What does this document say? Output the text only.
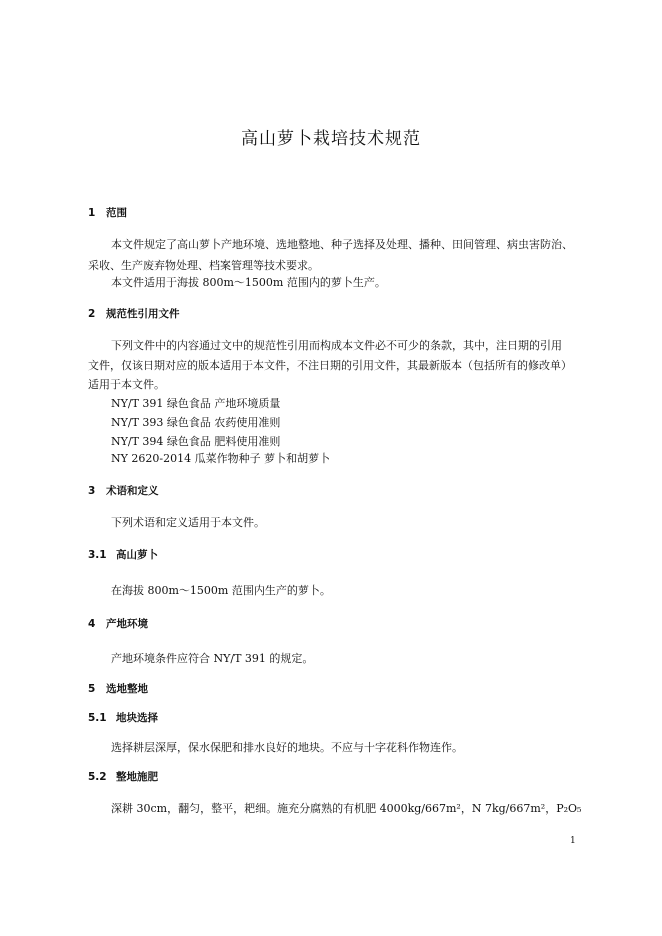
高山萝卜栽培技术规范
1 范围
本文件规定了高山萝卜产地环境、选地整地、种子选择及处理、播种、田间管理、病虫害防治、
采收、生产废弃物处理、档案管理等技术要求。
本文件适用于海拔 800m～1500m 范围内的萝卜生产。
2 规范性引用文件
下列文件中的内容通过文中的规范性引用而构成本文件必不可少的条款，其中，注日期的引用
文件，仅该日期对应的版本适用于本文件，不注日期的引用文件，其最新版本（包括所有的修改单）
适用于本文件。
NY/T 391 绿色食品 产地环境质量
NY/T 393 绿色食品 农药使用准则
NY/T 394 绿色食品 肥料使用准则
NY 2620-2014 瓜菜作物种子 萝卜和胡萝卜
3 术语和定义
下列术语和定义适用于本文件。
3.1 高山萝卜
在海拔 800m～1500m 范围内生产的萝卜。
4 产地环境
产地环境条件应符合 NY/T 391 的规定。
5 选地整地
5.1 地块选择
选择耕层深厚，保水保肥和排水良好的地块。不应与十字花科作物连作。
5.2 整地施肥
深耕 30cm，翻匀，整平，耙细。施充分腐熟的有机肥 4000kg/667m²，N 7kg/667m²，P₂O₅
1
